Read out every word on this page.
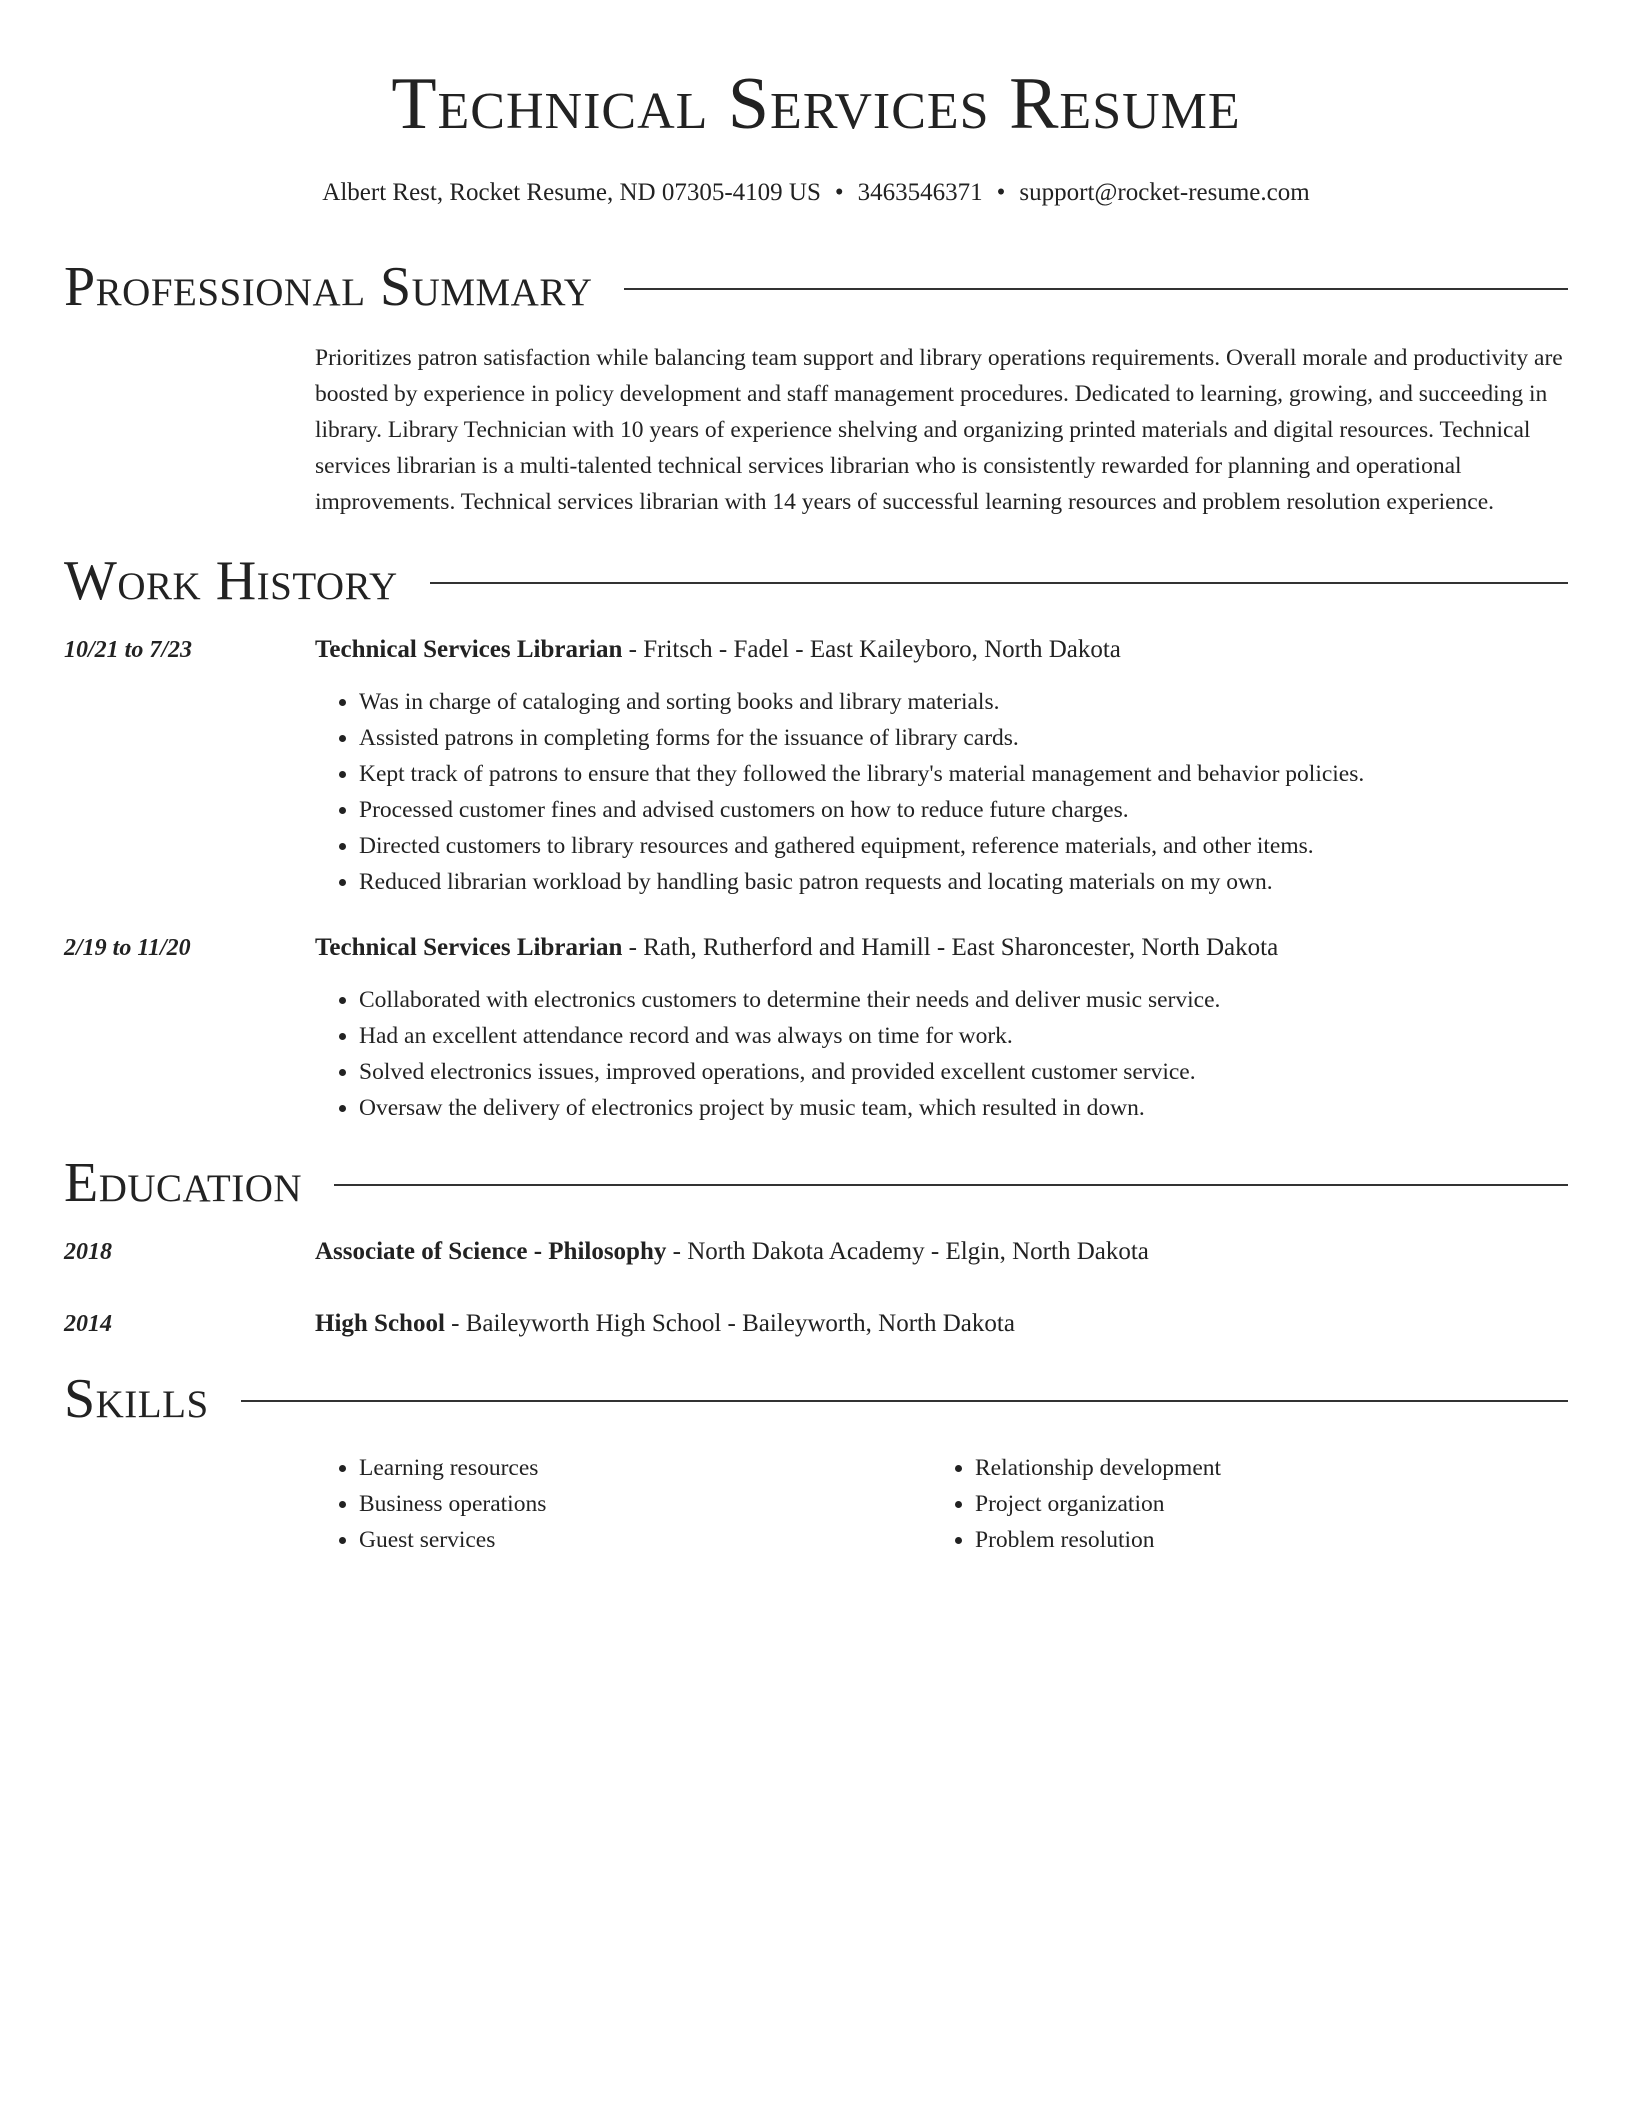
Technical Services Resume
Albert Rest, Rocket Resume, ND 07305-4109 US • 3463546371 • support@rocket-resume.com
Professional Summary
Prioritizes patron satisfaction while balancing team support and library operations requirements. Overall morale and productivity are boosted by experience in policy development and staff management procedures. Dedicated to learning, growing, and succeeding in library. Library Technician with 10 years of experience shelving and organizing printed materials and digital resources. Technical services librarian is a multi-talented technical services librarian who is consistently rewarded for planning and operational improvements. Technical services librarian with 14 years of successful learning resources and problem resolution experience.
Work History
10/21 to 7/23	Technical Services Librarian - Fritsch - Fadel - East Kaileyboro, North Dakota
• Was in charge of cataloging and sorting books and library materials.
• Assisted patrons in completing forms for the issuance of library cards.
• Kept track of patrons to ensure that they followed the library's material management and behavior policies.
• Processed customer fines and advised customers on how to reduce future charges.
• Directed customers to library resources and gathered equipment, reference materials, and other items.
• Reduced librarian workload by handling basic patron requests and locating materials on my own.
2/19 to 11/20	Technical Services Librarian - Rath, Rutherford and Hamill - East Sharoncester, North Dakota
• Collaborated with electronics customers to determine their needs and deliver music service.
• Had an excellent attendance record and was always on time for work.
• Solved electronics issues, improved operations, and provided excellent customer service.
• Oversaw the delivery of electronics project by music team, which resulted in down.
Education
2018	Associate of Science - Philosophy - North Dakota Academy - Elgin, North Dakota
2014	High School - Baileyworth High School - Baileyworth, North Dakota
Skills
• Learning resources
• Business operations
• Guest services
• Relationship development
• Project organization
• Problem resolution
